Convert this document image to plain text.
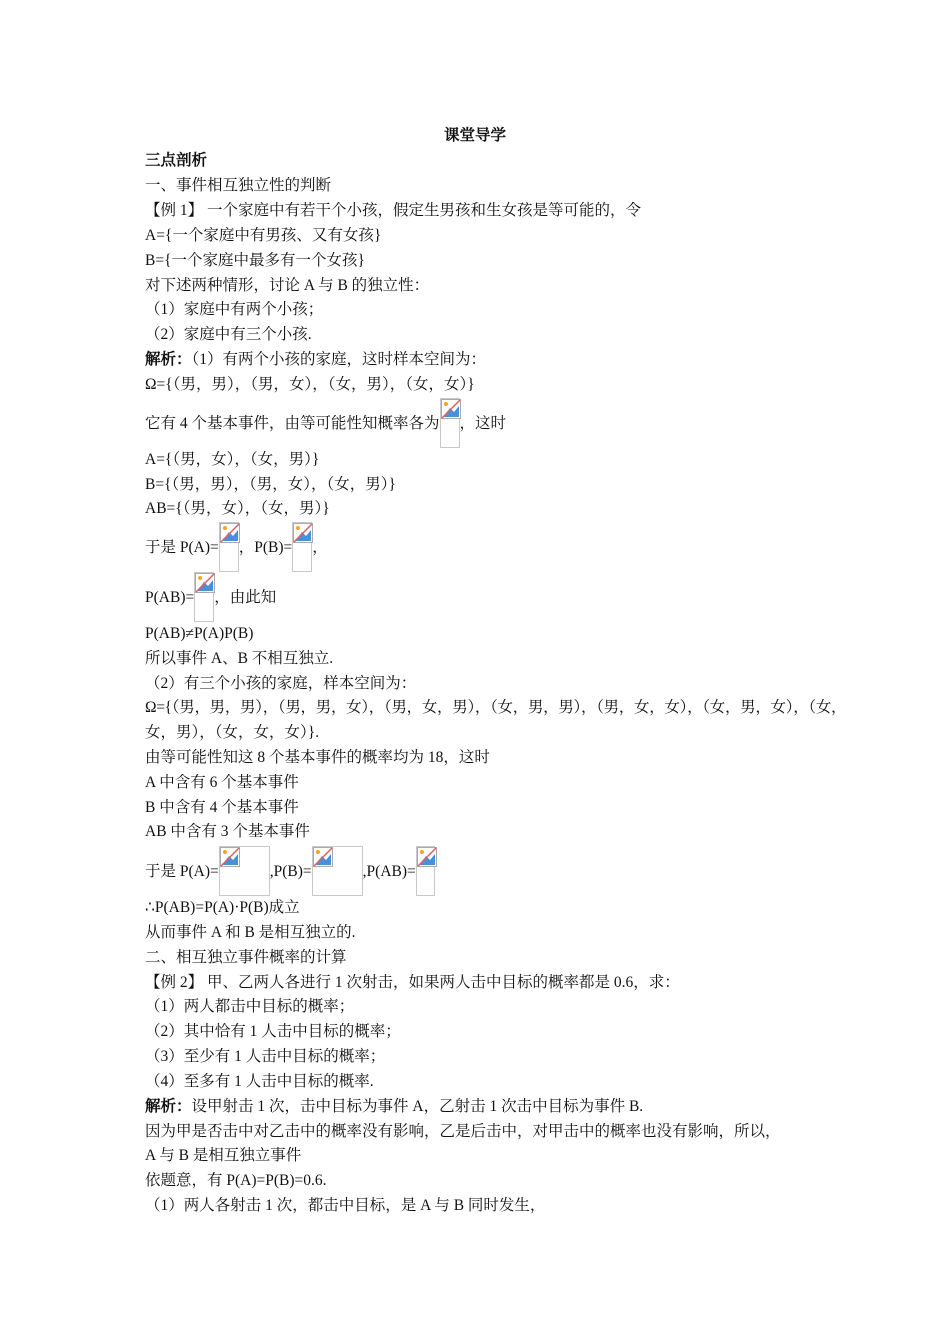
课堂导学
三点剖析
一、事件相互独立性的判断
【例 1】 一个家庭中有若干个小孩，假定生男孩和生女孩是等可能的，令
A={一个家庭中有男孩、又有女孩}
B={一个家庭中最多有一个女孩}
对下述两种情形，讨论 A 与 B 的独立性：
（1）家庭中有两个小孩；
（2）家庭中有三个小孩.
解析：（1）有两个小孩的家庭，这时样本空间为：
Ω={（男，男），（男，女），（女，男），（女，女）}
它有 4 个基本事件，由等可能性知概率各为 ，这时
A={（男，女），（女，男）}
B={（男，男），（男，女），（女，男）}
AB={（男，女），（女，男）}
于是 P(A)= ，P(B)= ，
P(AB)= ，由此知
P(AB)≠P(A)P(B)
所以事件 A、B 不相互独立.
（2）有三个小孩的家庭，样本空间为：
Ω={（男，男，男），（男，男，女），（男，女，男），（女，男，男），（男，女，女），（女，男，女），（女，
女，男），（女，女，女）}.
由等可能性知这 8 个基本事件的概率均为 18，这时
A 中含有 6 个基本事件
B 中含有 4 个基本事件
AB 中含有 3 个基本事件
于是 P(A)=	,P(B)=	,P(AB)=
∴P(AB)=P(A)·P(B)成立
从而事件 A 和 B 是相互独立的.
二、相互独立事件概率的计算
【例 2】 甲、乙两人各进行 1 次射击，如果两人击中目标的概率都是 0.6，求：
（1）两人都击中目标的概率；
（2）其中恰有 1 人击中目标的概率；
（3）至少有 1 人击中目标的概率；
（4）至多有 1 人击中目标的概率.
解析：设甲射击 1 次，击中目标为事件 A，乙射击 1 次击中目标为事件 B.
因为甲是否击中对乙击中的概率没有影响，乙是后击中，对甲击中的概率也没有影响，所以，
A 与 B 是相互独立事件
依题意，有 P(A)=P(B)=0.6.
（1）两人各射击 1 次，都击中目标，是 A 与 B 同时发生，
